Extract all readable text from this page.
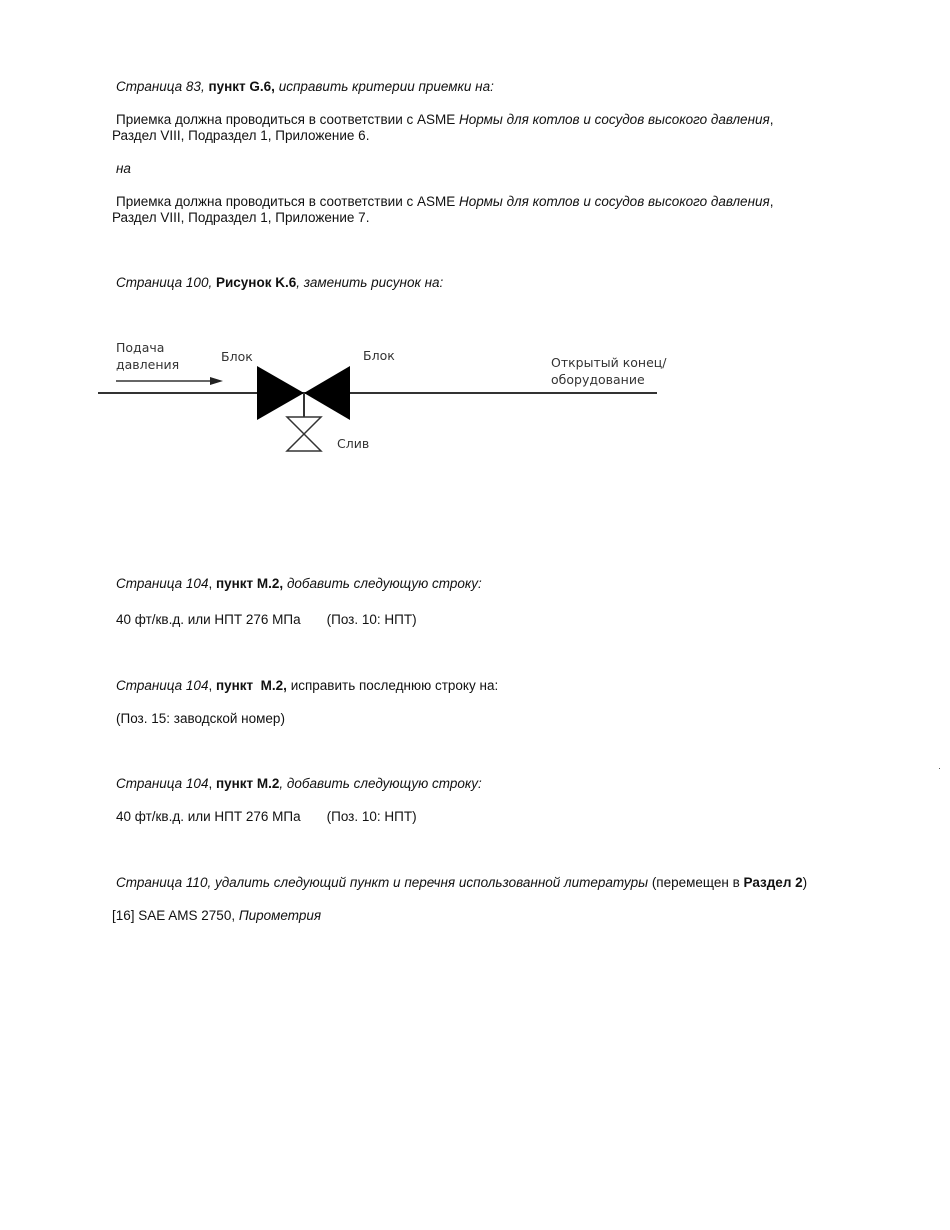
Страница 83, пункт G.6, исправить критерии приемки на:
Приемка должна проводиться в соответствии с ASME Нормы для котлов и сосудов высокого давления,
Раздел VIII, Подраздел 1, Приложение 6.
на
Приемка должна проводиться в соответствии с ASME Нормы для котлов и сосудов высокого давления,
Раздел VIII, Подраздел 1, Приложение 7.
Страница 100, Рисунок K.6, заменить рисунок на:
Подача
давления
Блок	Блок	Открытый конец/
оборудование
Слив
Страница 104, пункт M.2, добавить следующую строку:
40 фт/кв.д. или НПТ 276 МПа (Поз. 10: НПТ)
Страница 104, пункт  M.2, исправить последнюю строку на:
(Поз. 15: заводской номер)
Страница 104, пункт M.2, добавить следующую строку:
40 фт/кв.д. или НПТ 276 МПа (Поз. 10: НПТ)
Страница 110, удалить следующий пункт и перечня использованной литературы (перемещен в Раздел 2)
[16] SAE AMS 2750, Пирометрия
